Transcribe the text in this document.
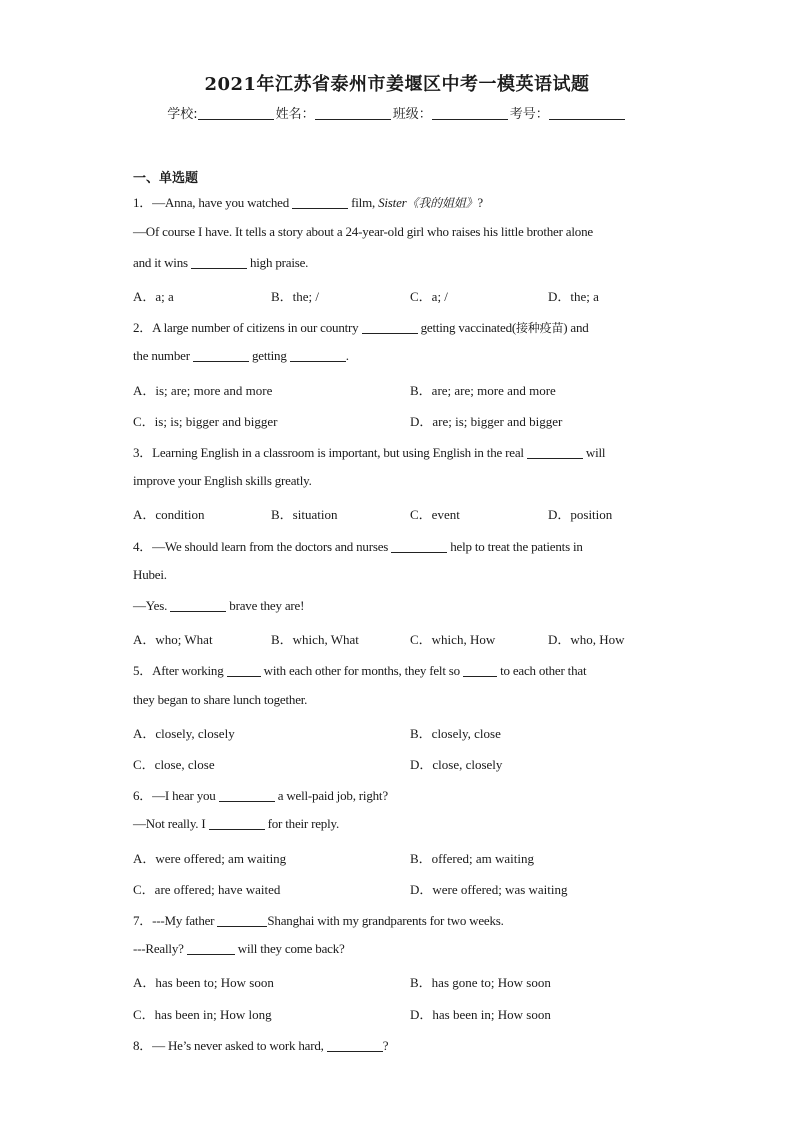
2021年江苏省泰州市姜堰区中考一模英语试题
学校:	姓名：	班级：	考号：
一、单选题
1．—Anna, have you watched	film, Sister《我的姐姐》?
—Of course I have. It tells a story about a 24-year-old girl who raises his little brother alone
and it wins	high praise.
A．a; a	B．the; /	C．a; /	D．the; a
2．A large number of citizens in our country	getting vaccinated(接种疫苗) and
the number	getting	.
A．is; are; more and more	B．are; are; more and more
C．is; is; bigger and bigger	D．are; is; bigger and bigger
3．Learning English in a classroom is important, but using English in the real	will
improve your English skills greatly.
A．condition	B．situation	C．event	D．position
4．—We should learn from the doctors and nurses	help to treat the patients in
Hubei.
—Yes.	brave they are!
A．who; What	B．which, What	C．which, How	D．who, How
5．After working	with each other for months, they felt so	to each other that
they began to share lunch together.
A．closely, closely	B．closely, close
C．close, close	D．close, closely
6．—I hear you	a well-paid job, right?
—Not really. I	for their reply.
A．were offered; am waiting	B．offered; am waiting
C．are offered; have waited	D．were offered; was waiting
7．---My father	Shanghai with my grandparents for two weeks.
---Really?	will they come back?
A．has been to; How soon	B．has gone to; How soon
C．has been in; How long	D．has been in; How soon
8．— He’s never asked to work hard,	?
